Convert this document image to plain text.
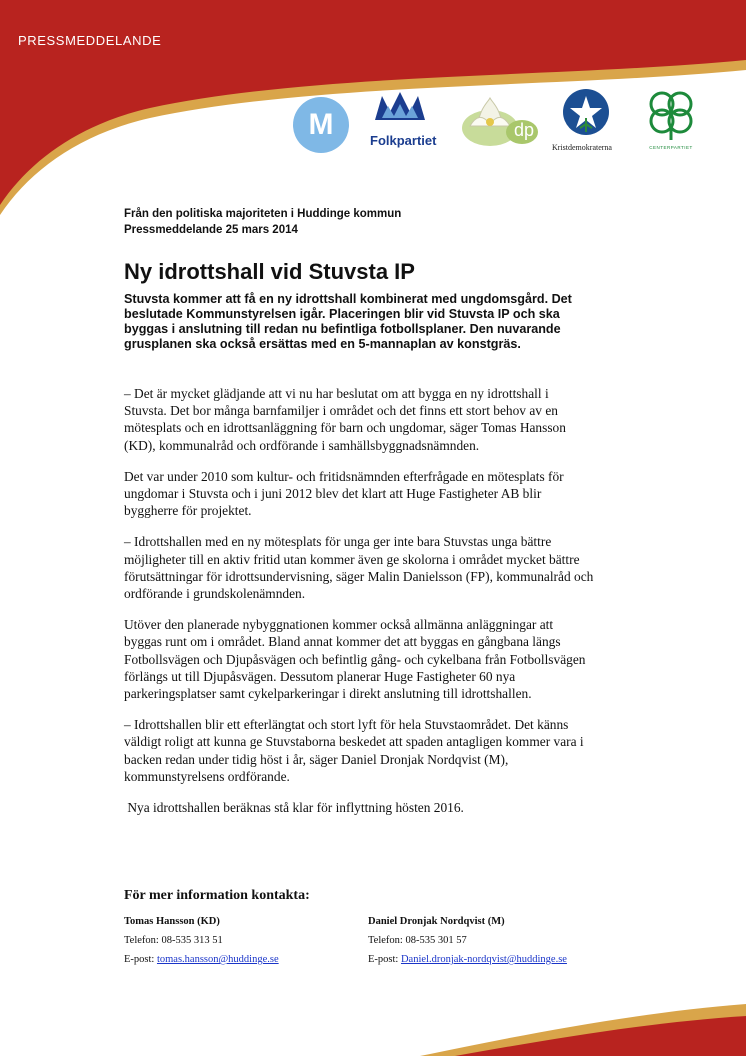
PRESSMEDDELANDE
M	Folkpartiet
dp
Kristdemokraterna	CENTERPARTIET
Från den politiska majoriteten i Huddinge kommun
Pressmeddelande 25 mars 2014
Ny idrottshall vid Stuvsta IP

Stuvsta kommer att få en ny idrottshall kombinerat med ungdomsgård. Det beslutade Kommunstyrelsen igår. Placeringen blir vid Stuvsta IP och ska byggas i anslutning till redan nu befintliga fotbollsplaner. Den nuvarande grusplanen ska också ersättas med en 5-mannaplan av konstgräs.

– Det är mycket glädjande att vi nu har beslutat om att bygga en ny idrottshall i Stuvsta. Det bor många barnfamiljer i området och det finns ett stort behov av en mötesplats och en idrottsanläggning för barn och ungdomar, säger Tomas Hansson (KD), kommunalråd och ordförande i samhällsbyggnadsnämnden.

Det var under 2010 som kultur- och fritidsnämnden efterfrågade en mötesplats för ungdomar i Stuvsta och i juni 2012 blev det klart att Huge Fastigheter AB blir byggherre för projektet.

– Idrottshallen med en ny mötesplats för unga ger inte bara Stuvstas unga bättre möjligheter till en aktiv fritid utan kommer även ge skolorna i området mycket bättre förutsättningar för idrottsundervisning, säger Malin Danielsson (FP), kommunalråd och ordförande i grundskolenämnden.

Utöver den planerade nybyggnationen kommer också allmänna anläggningar att byggas runt om i området. Bland annat kommer det att byggas en gångbana längs Fotbollsvägen och Djupåsvägen och befintlig gång- och cykelbana från Fotbollsvägen förlängs ut till Djupåsvägen. Dessutom planerar Huge Fastigheter 60 nya parkeringsplatser samt cykelparkeringar i direkt anslutning till idrottshallen.

– Idrottshallen blir ett efterlängtat och stort lyft för hela Stuvstaområdet. Det känns väldigt roligt att kunna ge Stuvstaborna beskedet att spaden antagligen kommer vara i backen redan under tidig höst i år, säger Daniel Dronjak Nordqvist (M), kommunstyrelsens ordförande.

Nya idrottshallen beräknas stå klar för inflyttning hösten 2016.

För mer information kontakta:
Tomas Hansson (KD)
Telefon: 08-535 313 51
E-post: tomas.hansson@huddinge.se
Daniel Dronjak Nordqvist (M)
Telefon: 08-535 301 57
E-post: Daniel.dronjak-nordqvist@huddinge.se
